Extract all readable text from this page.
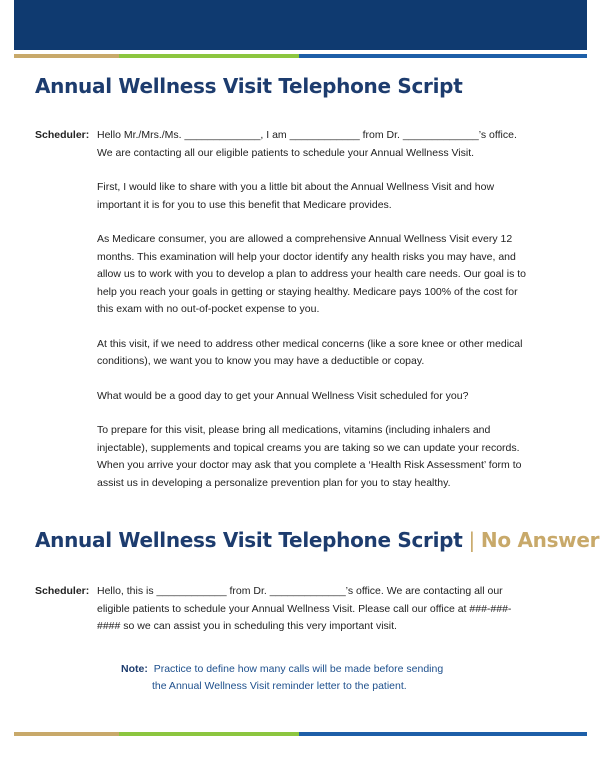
Annual Wellness Visit Telephone Script
Scheduler: Hello Mr./Mrs./Ms. _____________, I am ____________ from Dr. _____________’s office. We are contacting all our eligible patients to schedule your Annual Wellness Visit.

First, I would like to share with you a little bit about the Annual Wellness Visit and how important it is for you to use this benefit that Medicare provides.

As Medicare consumer, you are allowed a comprehensive Annual Wellness Visit every 12 months. This examination will help your doctor identify any health risks you may have, and allow us to work with you to develop a plan to address your health care needs. Our goal is to help you reach your goals in getting or staying healthy. Medicare pays 100% of the cost for this exam with no out-of-pocket expense to you.

At this visit, if we need to address other medical concerns (like a sore knee or other medical conditions), we want you to know you may have a deductible or copay.

What would be a good day to get your Annual Wellness Visit scheduled for you?

To prepare for this visit, please bring all medications, vitamins (including inhalers and injectable), supplements and topical creams you are taking so we can update your records. When you arrive your doctor may ask that you complete a ‘Health Risk Assessment’ form to assist us in developing a personalize prevention plan for you to stay healthy.

Annual Wellness Visit Telephone Script | No Answer
Scheduler: Hello, this is ____________ from Dr. _____________’s office. We are contacting all our eligible patients to schedule your Annual Wellness Visit. Please call our office at ###-###-#### so we can assist you in scheduling this very important visit.

Note: Practice to define how many calls will be made before sending
the Annual Wellness Visit reminder letter to the patient.
